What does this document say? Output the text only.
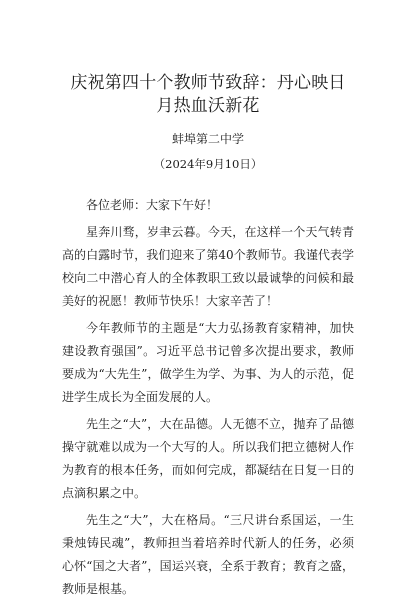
庆祝第四十个教师节致辞：丹心映日月热血沃新花
蚌埠第二中学
（2024年9月10日）

各位老师：大家下午好！

星奔川骛，岁聿云暮。今天，在这样一个天气转青高的白露时节，我们迎来了第40个教师节。我谨代表学校向二中潜心育人的全体教职工致以最诚挚的问候和最美好的祝愿！教师节快乐！大家辛苦了！

今年教师节的主题是“大力弘扬教育家精神，加快建设教育强国”。习近平总书记曾多次提出要求，教师要成为“大先生”，做学生为学、为事、为人的示范，促进学生成长为全面发展的人。

先生之“大”，大在品德。人无德不立，抛弃了品德操守就难以成为一个大写的人。所以我们把立德树人作为教育的根本任务，而如何完成，都凝结在日复一日的点滴积累之中。

先生之“大”，大在格局。“三尺讲台系国运，一生秉烛铸民魂”，教师担当着培养时代新人的任务，必须心怀“国之大者”，国运兴衰，全系于教育；教育之盛，教师是根基。
